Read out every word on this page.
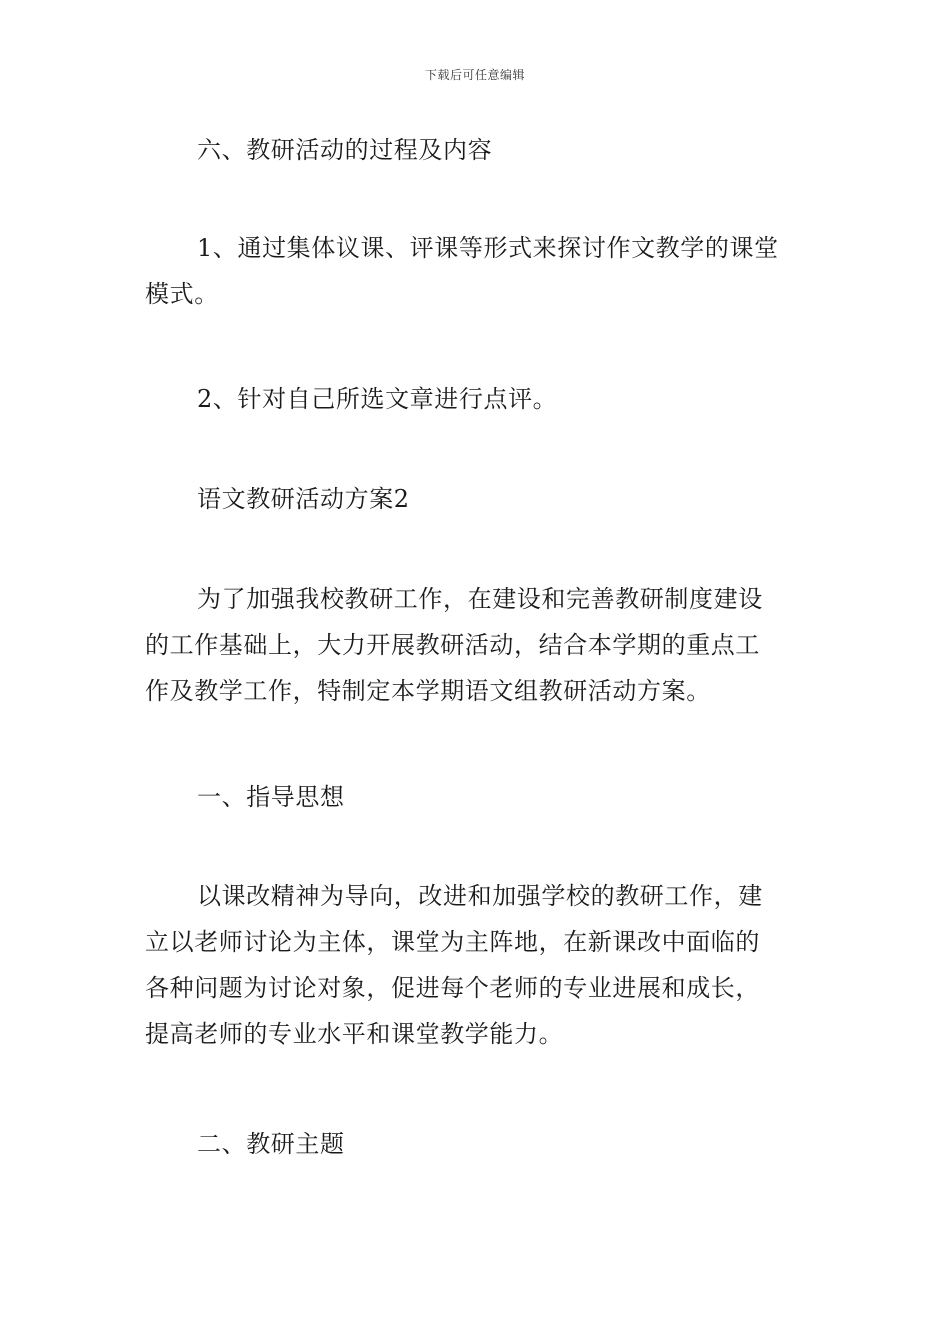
下载后可任意编辑
六、教研活动的过程及内容
1、通过集体议课、评课等形式来探讨作文教学的课堂
模式。
2、针对自己所选文章进行点评。
语文教研活动方案2
为了加强我校教研工作，在建设和完善教研制度建设
的工作基础上，大力开展教研活动，结合本学期的重点工
作及教学工作，特制定本学期语文组教研活动方案。
一、指导思想
以课改精神为导向，改进和加强学校的教研工作，建
立以老师讨论为主体，课堂为主阵地，在新课改中面临的
各种问题为讨论对象，促进每个老师的专业进展和成长，
提高老师的专业水平和课堂教学能力。
二、教研主题
